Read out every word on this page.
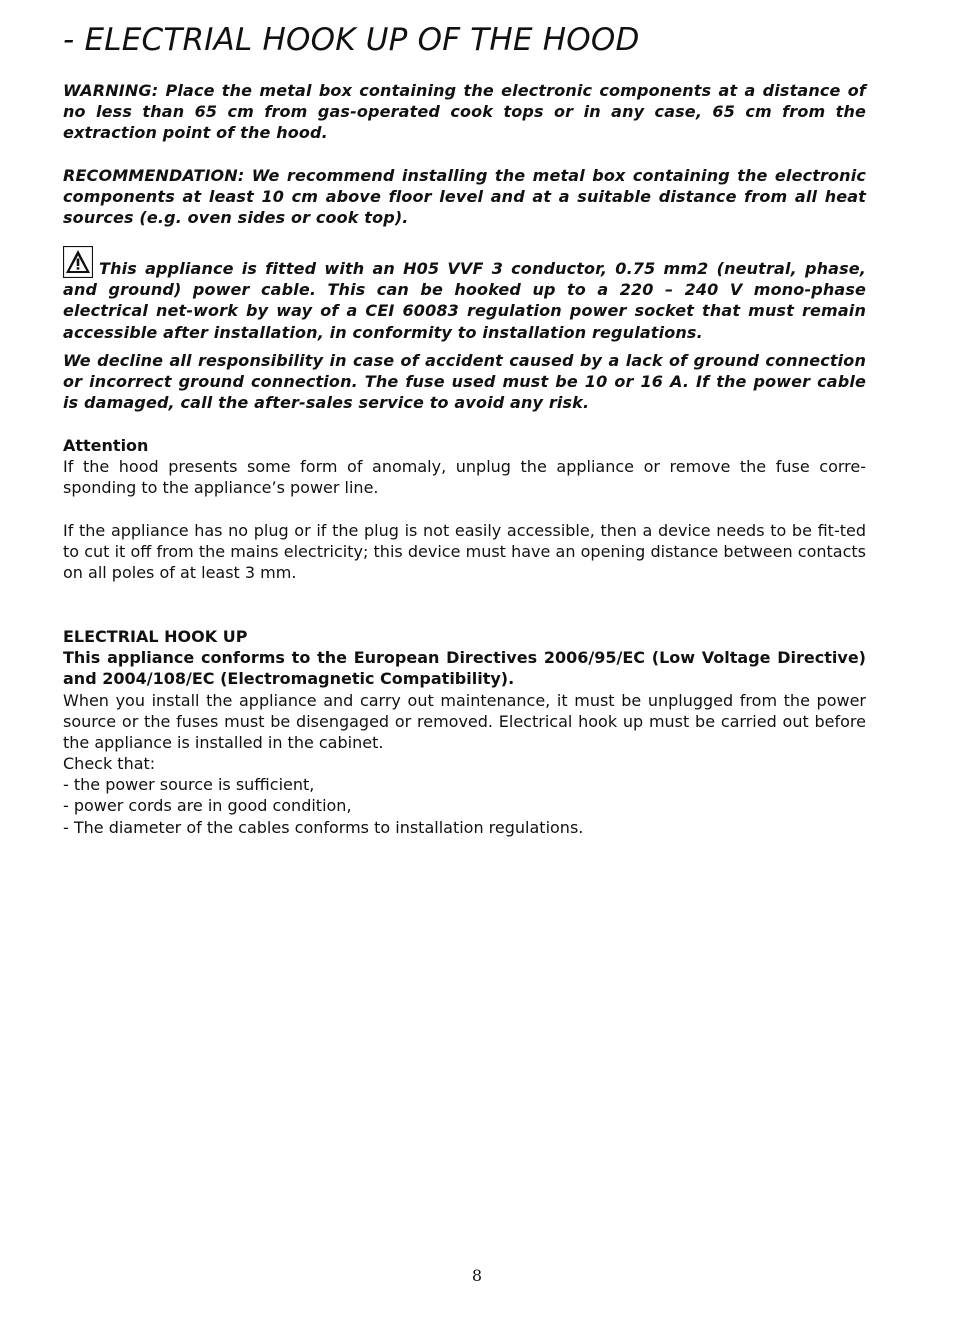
- ELECTRIAL HOOK UP OF THE HOOD

WARNING: Place the metal box containing the electronic components at a distance of no less than 65 cm from gas-operated cook tops or in any case, 65 cm from the extraction point of the hood.

RECOMMENDATION: We recommend installing the metal box containing the electronic components at least 10 cm above floor level and at a suitable distance from all heat sources (e.g. oven sides or cook top).

This appliance is fitted with an H05 VVF 3 conductor, 0.75 mm2 (neutral, phase, and ground) power cable. This can be hooked up to a 220 – 240 V mono-phase electrical net-work by way of a CEI 60083 regulation power socket that must remain accessible after installation, in conformity to installation regulations.

We decline all responsibility in case of accident caused by a lack of ground connection or incorrect ground connection. The fuse used must be 10 or 16 A. If the power cable is damaged, call the after-sales service to avoid any risk.

Attention
If the hood presents some form of anomaly, unplug the appliance or remove the fuse corre-sponding to the appliance’s power line.

If the appliance has no plug or if the plug is not easily accessible, then a device needs to be fit-ted to cut it off from the mains electricity; this device must have an opening distance between contacts on all poles of at least 3 mm.

ELECTRIAL HOOK UP
This appliance conforms to the European Directives 2006/95/EC (Low Voltage Directive) and 2004/108/EC (Electromagnetic Compatibility).
When you install the appliance and carry out maintenance, it must be unplugged from the power source or the fuses must be disengaged or removed. Electrical hook up must be carried out before the appliance is installed in the cabinet.
Check that:
- the power source is sufficient,
- power cords are in good condition,
- The diameter of the cables conforms to installation regulations.
8
